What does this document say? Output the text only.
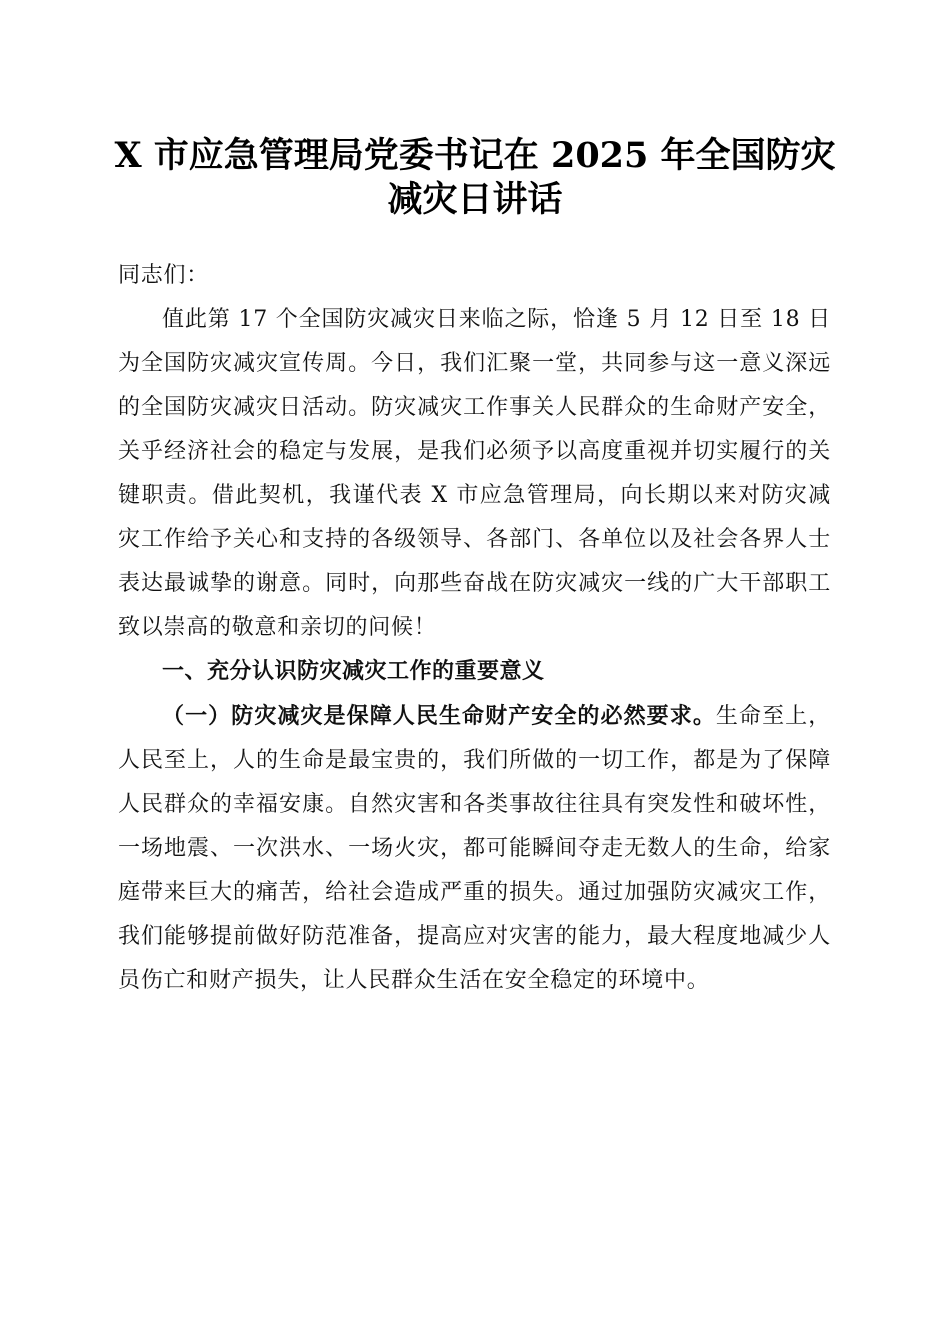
X 市应急管理局党委书记在 2025 年全国防灾
减灾日讲话

同志们：

值此第 17 个全国防灾减灾日来临之际，恰逢 5 月 12 日至 18 日为全国防灾减灾宣传周。今日，我们汇聚一堂，共同参与这一意义深远的全国防灾减灾日活动。防灾减灾工作事关人民群众的生命财产安全，关乎经济社会的稳定与发展，是我们必须予以高度重视并切实履行的关键职责。借此契机，我谨代表 X 市应急管理局，向长期以来对防灾减灾工作给予关心和支持的各级领导、各部门、各单位以及社会各界人士表达最诚挚的谢意。同时，向那些奋战在防灾减灾一线的广大干部职工致以崇高的敬意和亲切的问候！

一、充分认识防灾减灾工作的重要意义

（一）防灾减灾是保障人民生命财产安全的必然要求。生命至上，人民至上，人的生命是最宝贵的，我们所做的一切工作，都是为了保障人民群众的幸福安康。自然灾害和各类事故往往具有突发性和破坏性，一场地震、一次洪水、一场火灾，都可能瞬间夺走无数人的生命，给家庭带来巨大的痛苦，给社会造成严重的损失。通过加强防灾减灾工作，我们能够提前做好防范准备，提高应对灾害的能力，最大程度地减少人员伤亡和财产损失，让人民群众生活在安全稳定的环境中。
